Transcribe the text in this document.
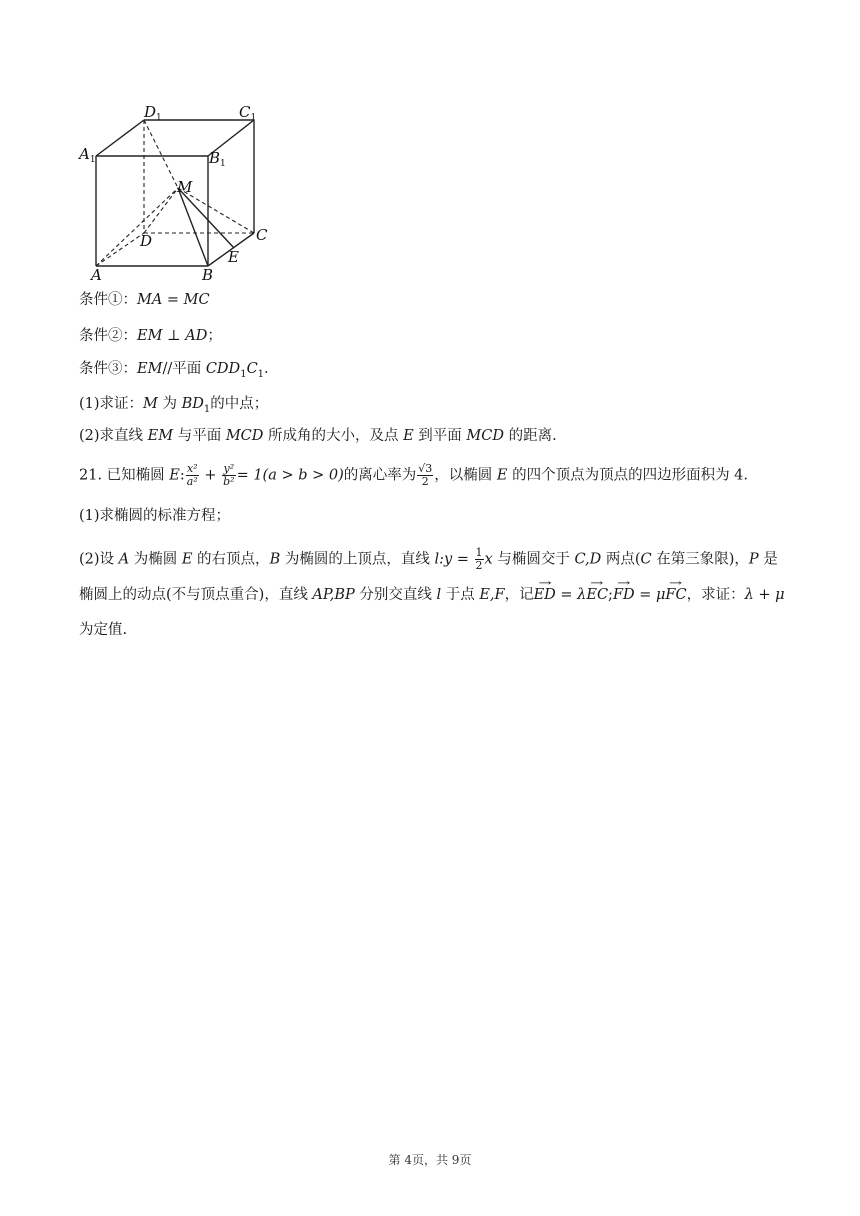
$D_1$	$C_1$
$A_1$	$B_1$
M
D	C
E
A	B
条件①：MA = MC
条件②：EM ⊥ AD；
条件③：EM//平面 $CDD_1C_1$.
(1)求证：M 为 $BD_1$的中点；
(2)求直线 EM 与平面 MCD 所成角的大小，及点 E 到平面 MCD 的距离.
21. 已知椭圆 E: $\frac{\text{x²}}{\text{a²}} + \frac{\text{y²}}{\text{b²}} = 1(a > b > 0)$的离心率为 $\frac{√3}{2}$ ，以椭圆 E 的四个顶点为顶点的四边形面积为 4.
(1)求椭圆的标准方程；
(2)设 A 为椭圆 E 的右顶点，B 为椭圆的上顶点，直线 l:y = $\frac{1}{2}$ x 与椭圆交于 C,D 两点(C 在第三象限)，P 是
椭圆上的动点(不与顶点重合)，直线 AP,BP 分别交直线 l 于点 E,F，记→ ED = λ→ EC;→ FD = μ→ FC，求证：λ + μ
为定值.
第 4页，共 9页
